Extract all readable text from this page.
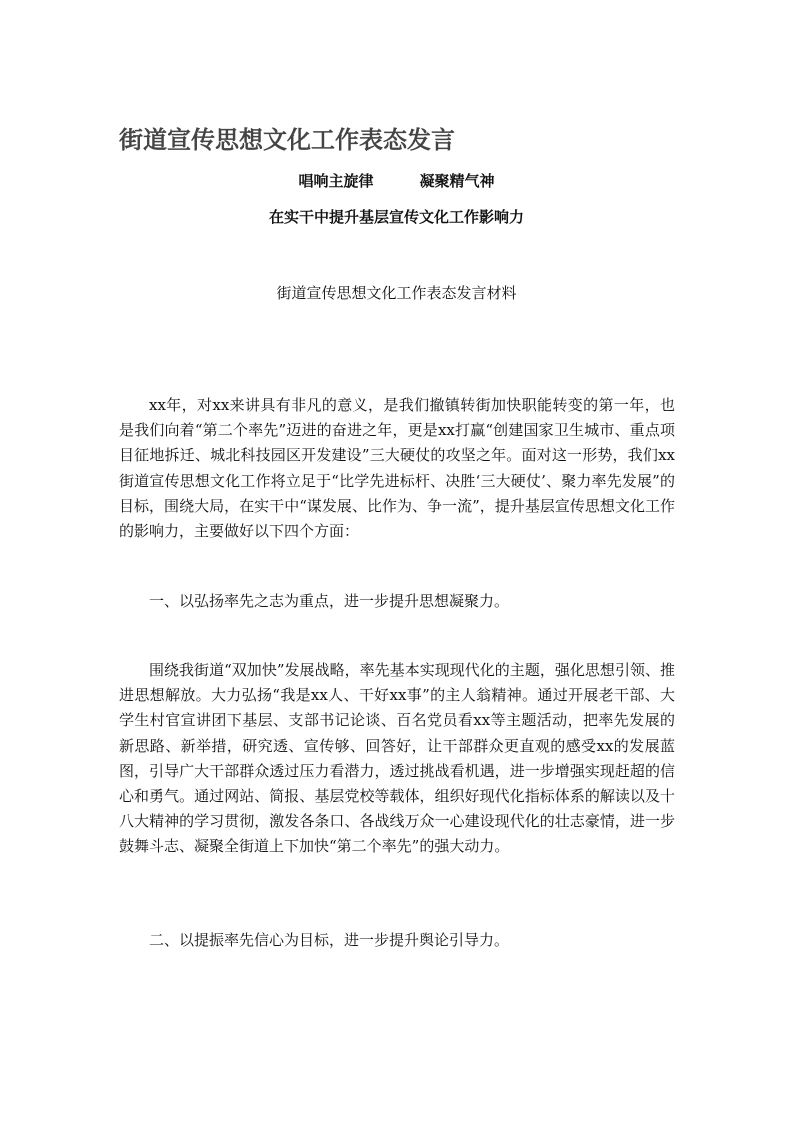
街道宣传思想文化工作表态发言
唱响主旋律	凝聚精气神
在实干中提升基层宣传文化工作影响力
街道宣传思想文化工作表态发言材料

xx年，对xx来讲具有非凡的意义，是我们撤镇转街加快职能转变的第一年，也是我们向着“第二个率先”迈进的奋进之年，更是xx打赢“创建国家卫生城市、重点项目征地拆迁、城北科技园区开发建设”三大硬仗的攻坚之年。面对这一形势，我们xx街道宣传思想文化工作将立足于“比学先进标杆、决胜‘三大硬仗’、聚力率先发展”的目标，围绕大局，在实干中“谋发展、比作为、争一流”，提升基层宣传思想文化工作的影响力，主要做好以下四个方面：

一、以弘扬率先之志为重点，进一步提升思想凝聚力。

围绕我街道“双加快”发展战略，率先基本实现现代化的主题，强化思想引领、推进思想解放。大力弘扬“我是xx人、干好xx事”的主人翁精神。通过开展老干部、大学生村官宣讲团下基层、支部书记论谈、百名党员看xx等主题活动，把率先发展的新思路、新举措，研究透、宣传够、回答好，让干部群众更直观的感受xx的发展蓝图，引导广大干部群众透过压力看潜力，透过挑战看机遇，进一步增强实现赶超的信心和勇气。通过网站、简报、基层党校等载体，组织好现代化指标体系的解读以及十八大精神的学习贯彻，激发各条口、各战线万众一心建设现代化的壮志豪情，进一步鼓舞斗志、凝聚全街道上下加快“第二个率先”的强大动力。

二、以提振率先信心为目标，进一步提升舆论引导力。
